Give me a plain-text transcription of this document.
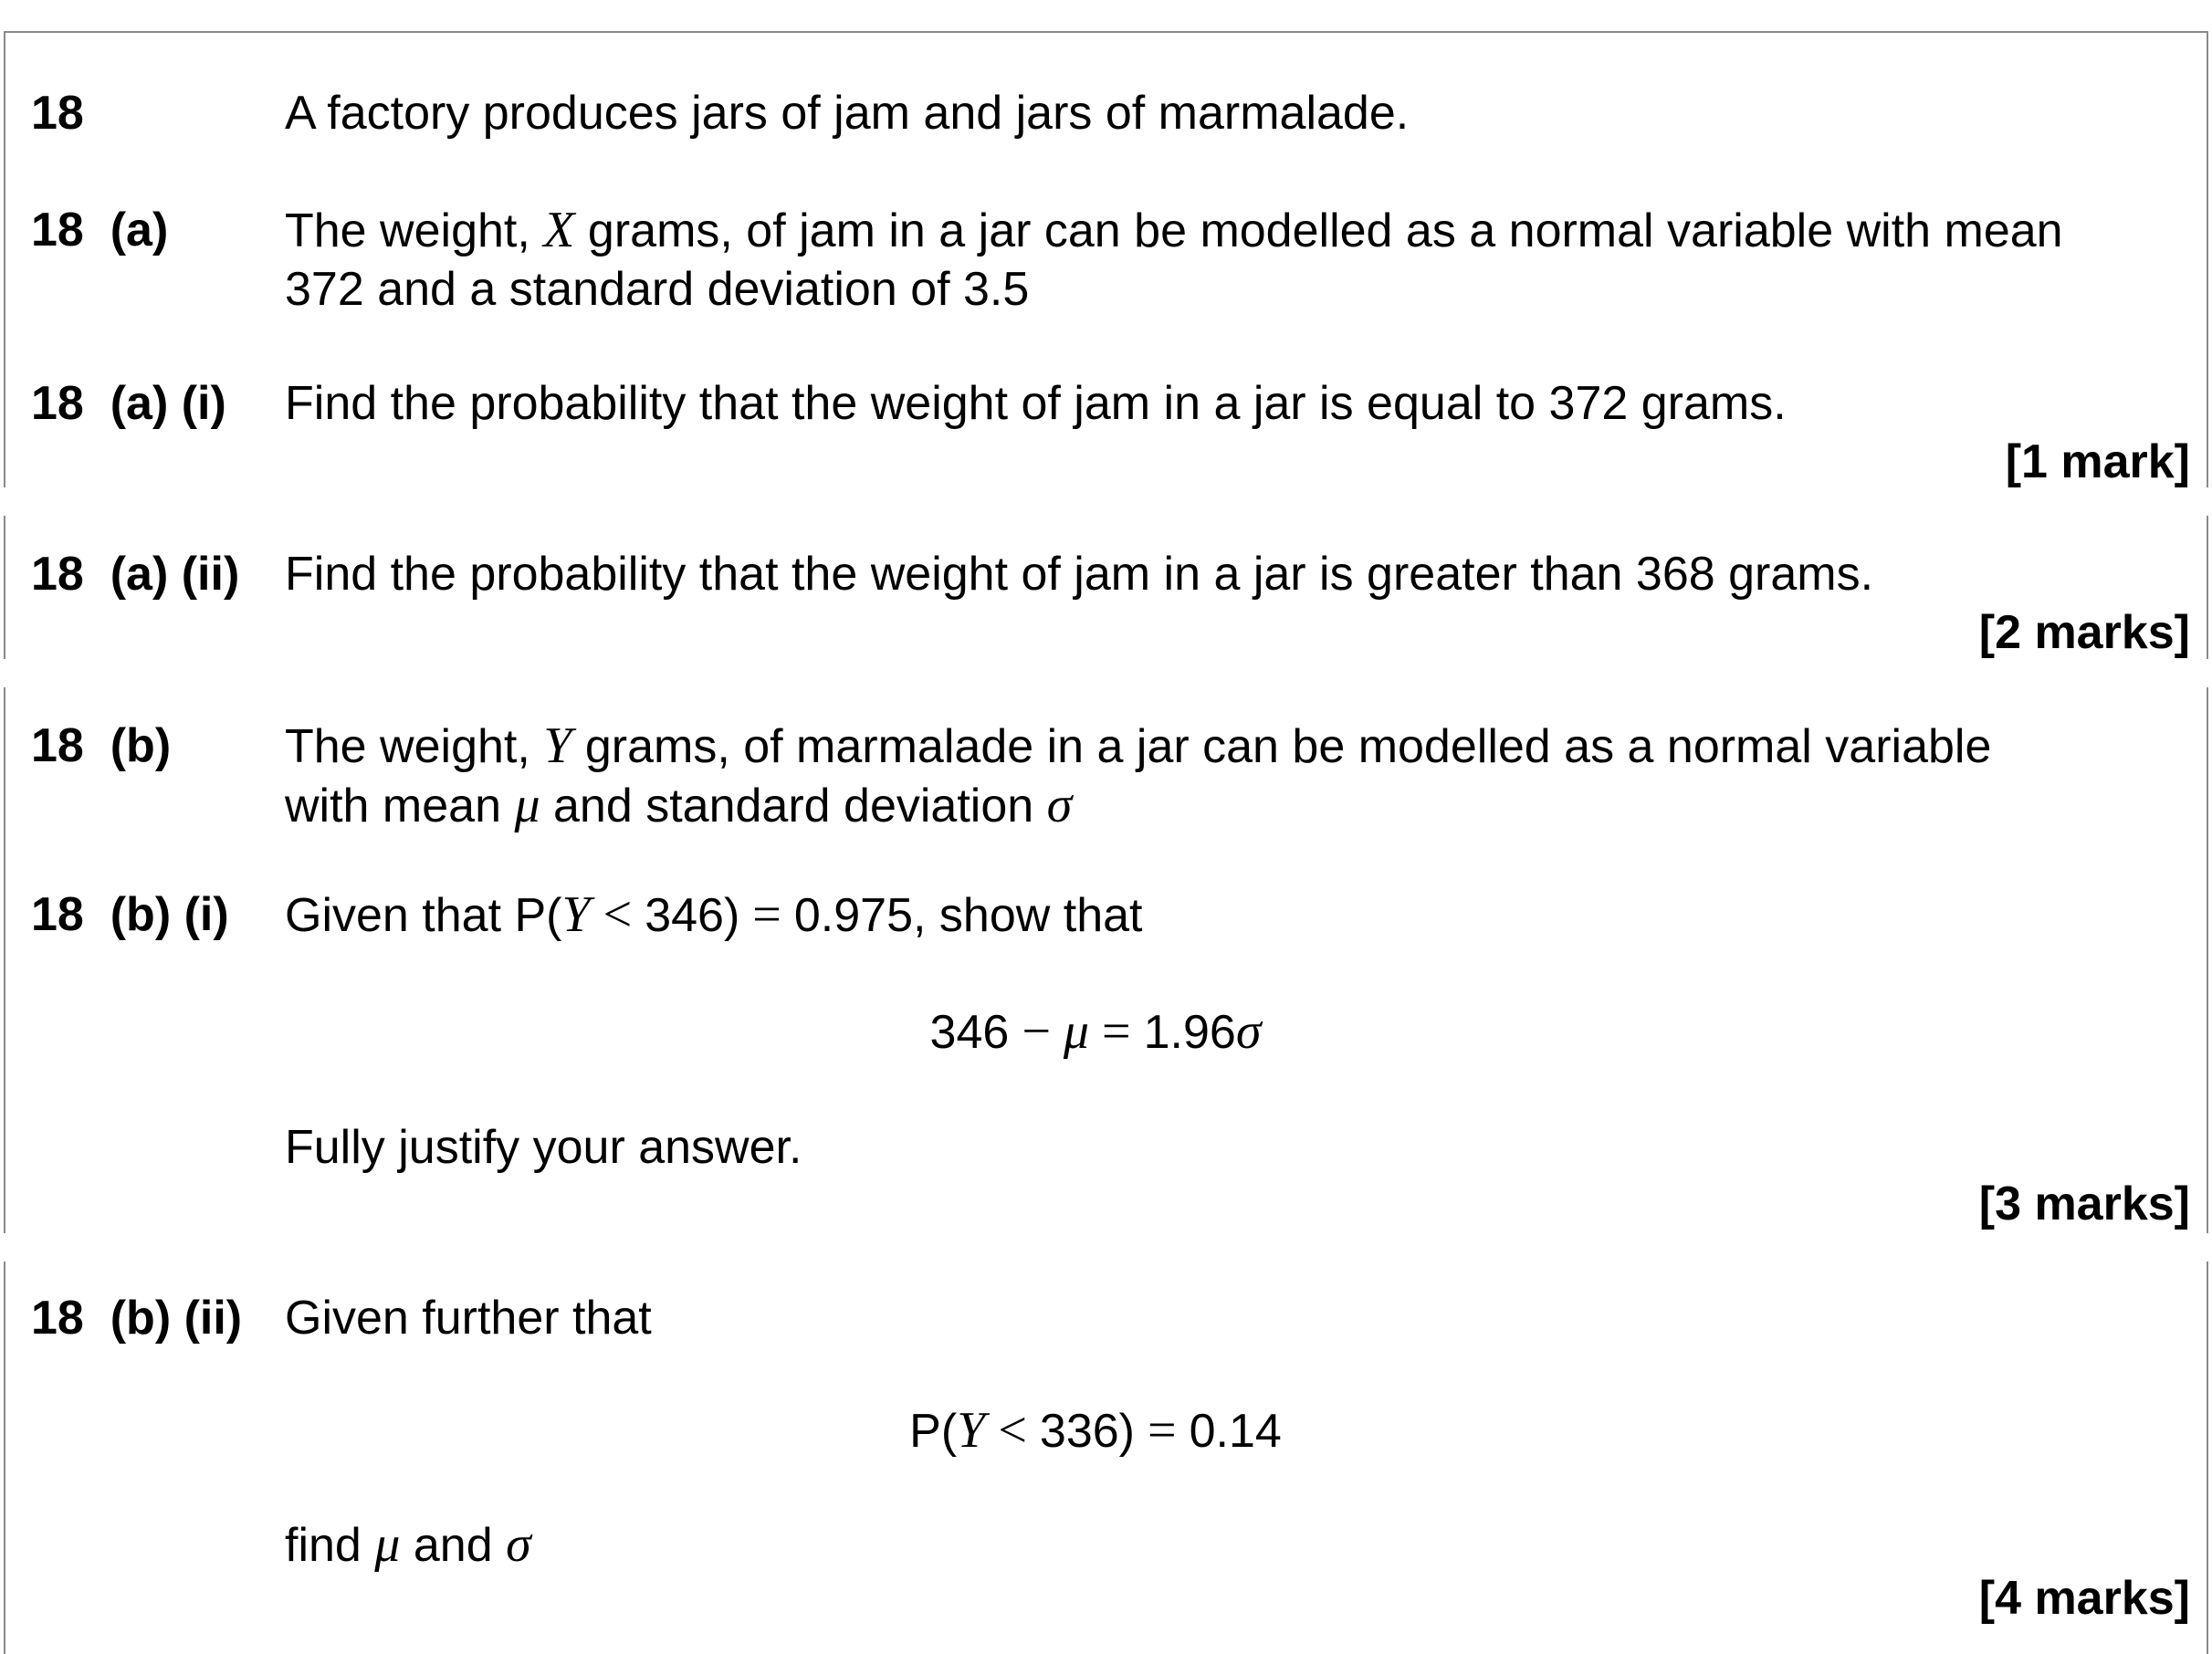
18	A factory produces jars of jam and jars of marmalade.

18  (a) The weight, X grams, of jam in a jar can be modelled as a normal variable with mean

372 and a standard deviation of 3.5

18  (a) (i) Find the probability that the weight of jam in a jar is equal to 372 grams.
[1 mark]
18  (a) (ii) Find the probability that the weight of jam in a jar is greater than 368 grams.
[2 marks]
18  (b) The weight, Y grams, of marmalade in a jar can be modelled as a normal variable

with mean μ and standard deviation σ

18  (b) (i) Given that P(Y < 346) = 0.975, show that

346 − μ = 1.96σ
Fully justify your answer.
[3 marks]
18  (b) (ii) Given further that
P(Y < 336) = 0.14

find μ and σ

[4 marks]
